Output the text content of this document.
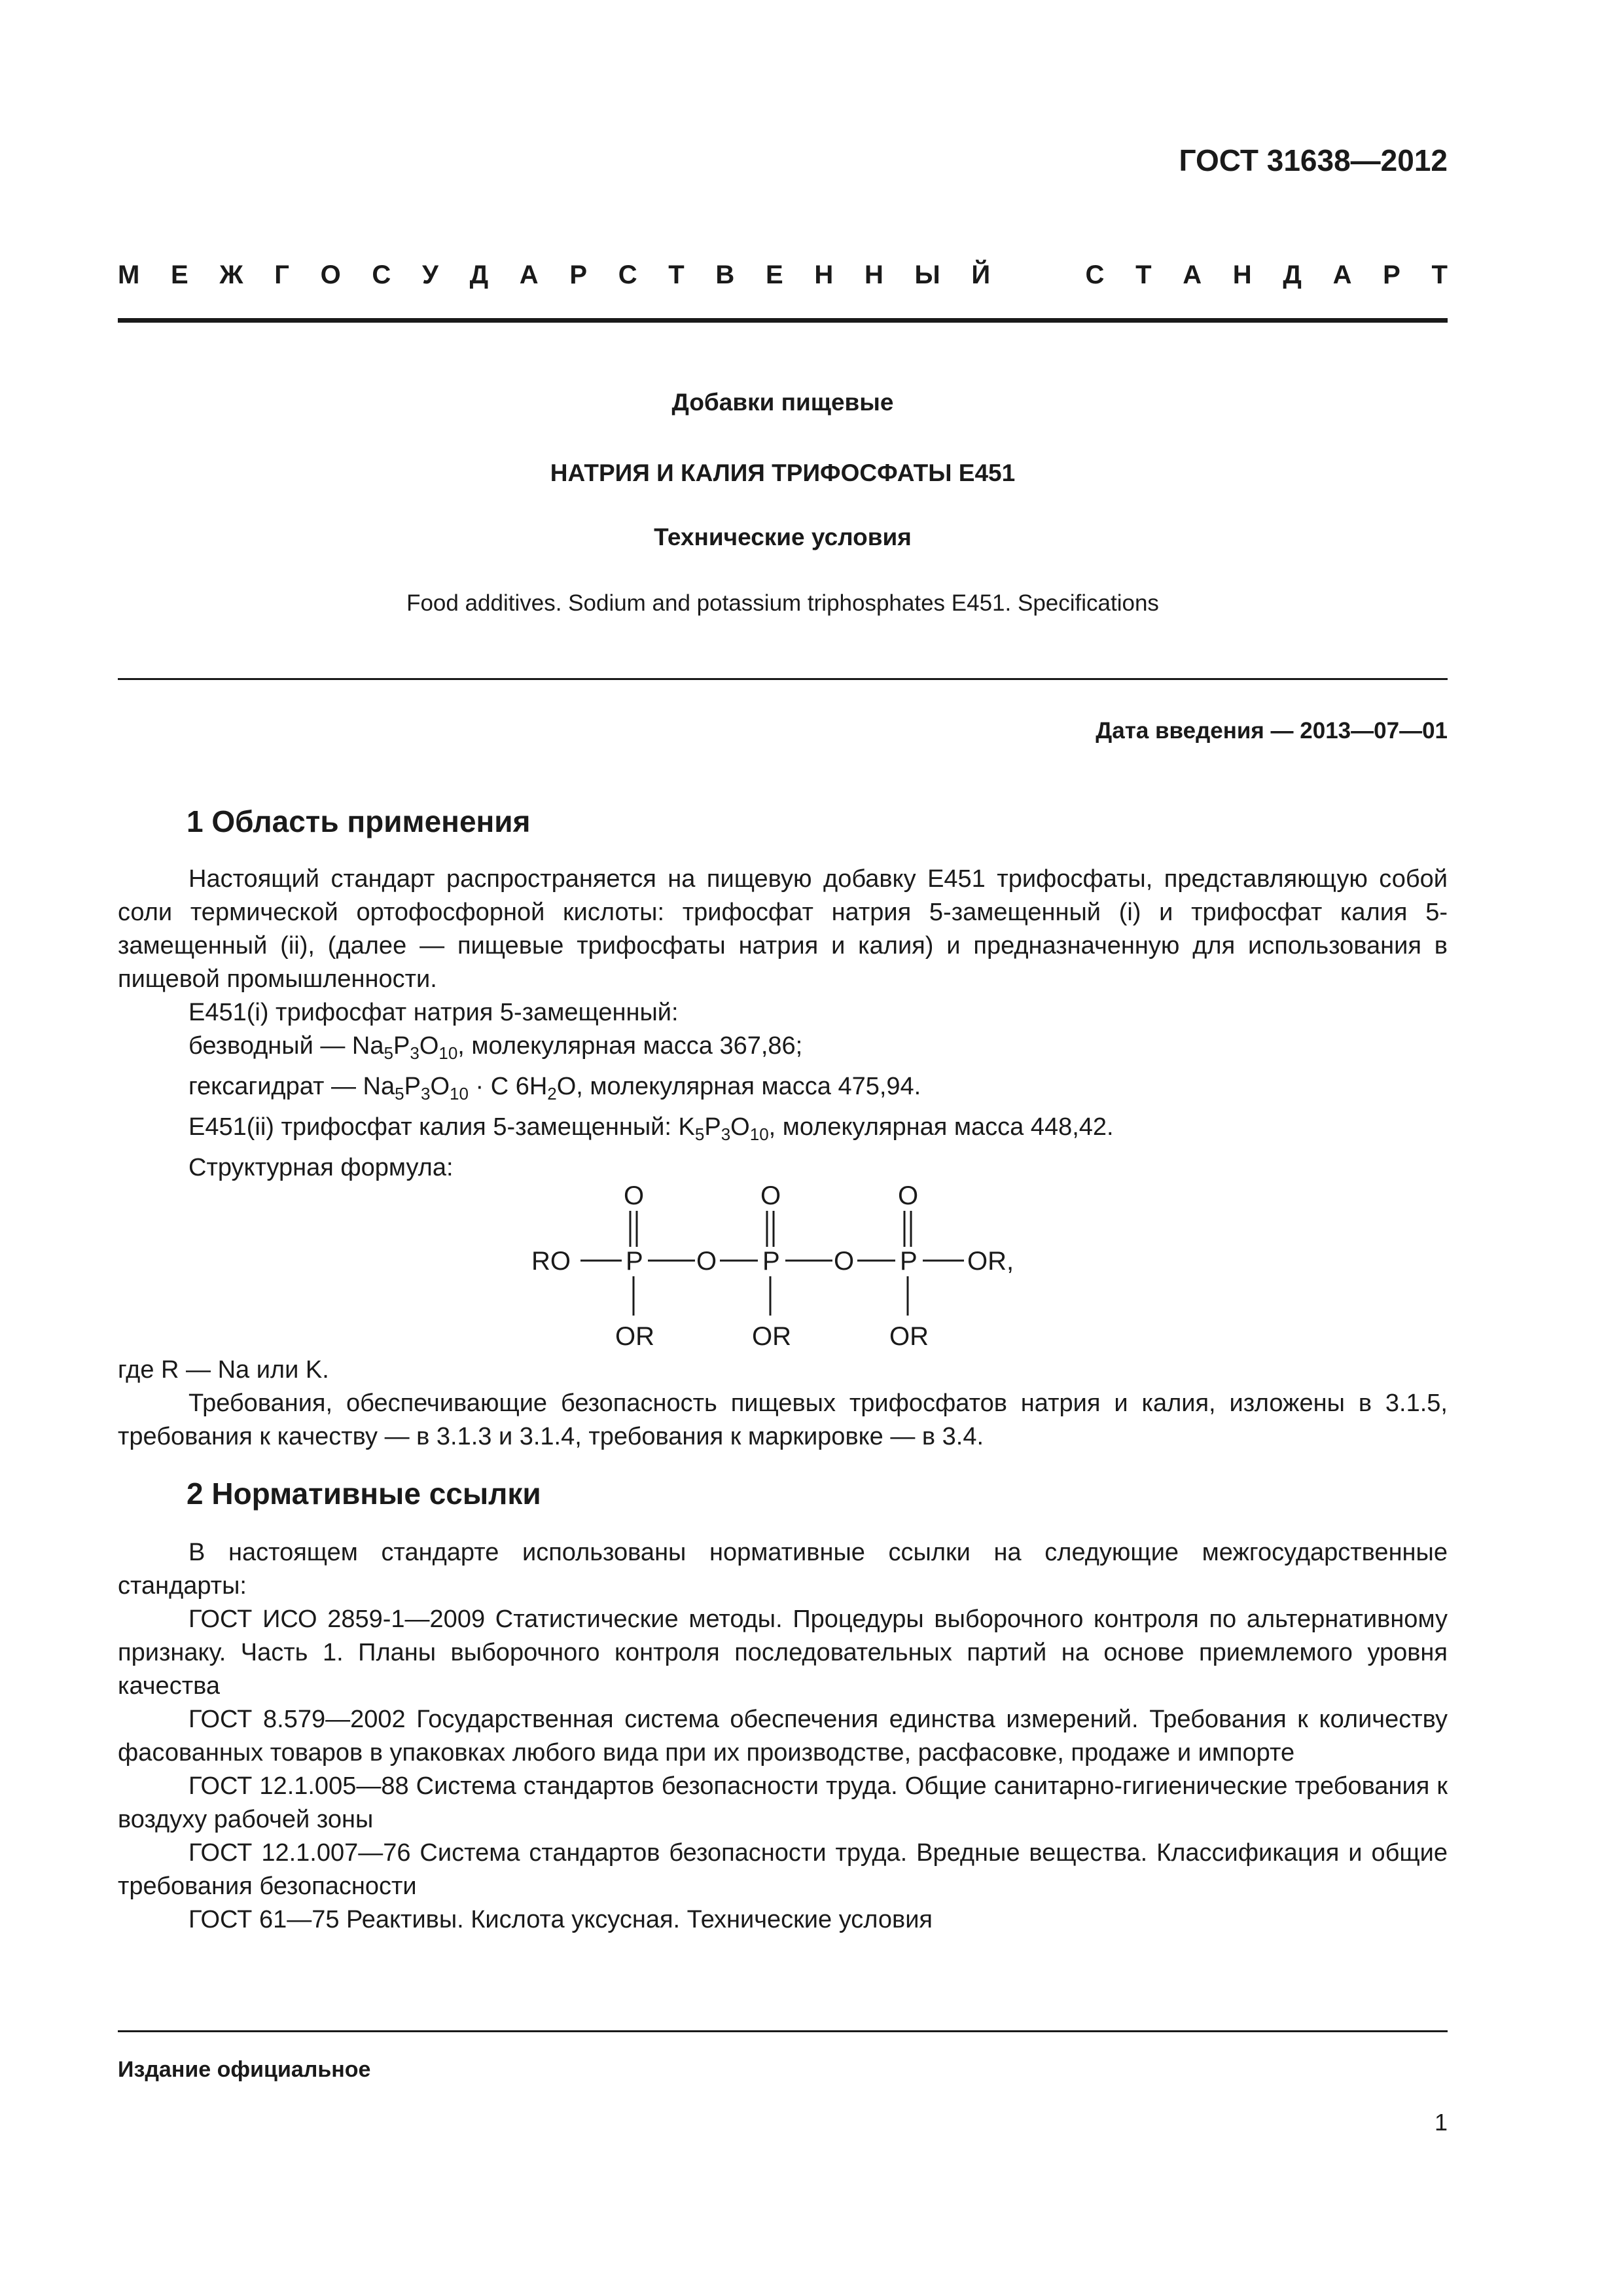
ГОСТ 31638—2012
М Е Ж Г О С У Д А Р С Т В Е Н Н Ы Й	С Т А Н Д А Р Т
Добавки пищевые
НАТРИЯ И КАЛИЯ ТРИФОСФАТЫ E451
Технические условия
Food additives. Sodium and potassium triphosphates E451. Specifications
Дата введения — 2013—07—01
1 Область применения

Настоящий стандарт распространяется на пищевую добавку E451 трифосфаты, представляющую собой соли термической ортофосфорной кислоты: трифосфат натрия 5-замещенный (i) и трифосфат калия 5-замещенный (ii), (далее — пищевые трифосфаты натрия и калия) и предназначенную для использования в пищевой промышленности.

E451(i) трифосфат натрия 5-замещенный:

безводный — $Na_5P_3O_{10}$, молекулярная масса 367,86;

гексагидрат — $Na_5P_3O_{10} \cdot С$ $6H_2O$, молекулярная масса 475,94.

E451(ii) трифосфат калия 5-замещенный: $K_5P_3O_{10}$, молекулярная масса 448,42.

Структурная формула:

RO P
O
OR
O P
O
OR
O P
O
OR
OR,

где R — Na или K.

Требования, обеспечивающие безопасность пищевых трифосфатов натрия и калия, изложены в 3.1.5, требования к качеству — в 3.1.3 и 3.1.4, требования к маркировке — в 3.4.

2 Нормативные ссылки

В настоящем стандарте использованы нормативные ссылки на следующие межгосударственные стандарты:

ГОСТ ИСО 2859-1—2009 Статистические методы. Процедуры выборочного контроля по альтернативному признаку. Часть 1. Планы выборочного контроля последовательных партий на основе приемлемого уровня качества

ГОСТ 8.579—2002 Государственная система обеспечения единства измерений. Требования к количеству фасованных товаров в упаковках любого вида при их производстве, расфасовке, продаже и импорте

ГОСТ 12.1.005—88 Система стандартов безопасности труда. Общие санитарно-гигиенические требования к воздуху рабочей зоны

ГОСТ 12.1.007—76 Система стандартов безопасности труда. Вредные вещества. Классификация и общие требования безопасности

ГОСТ 61—75 Реактивы. Кислота уксусная. Технические условия

Издание официальное
1
